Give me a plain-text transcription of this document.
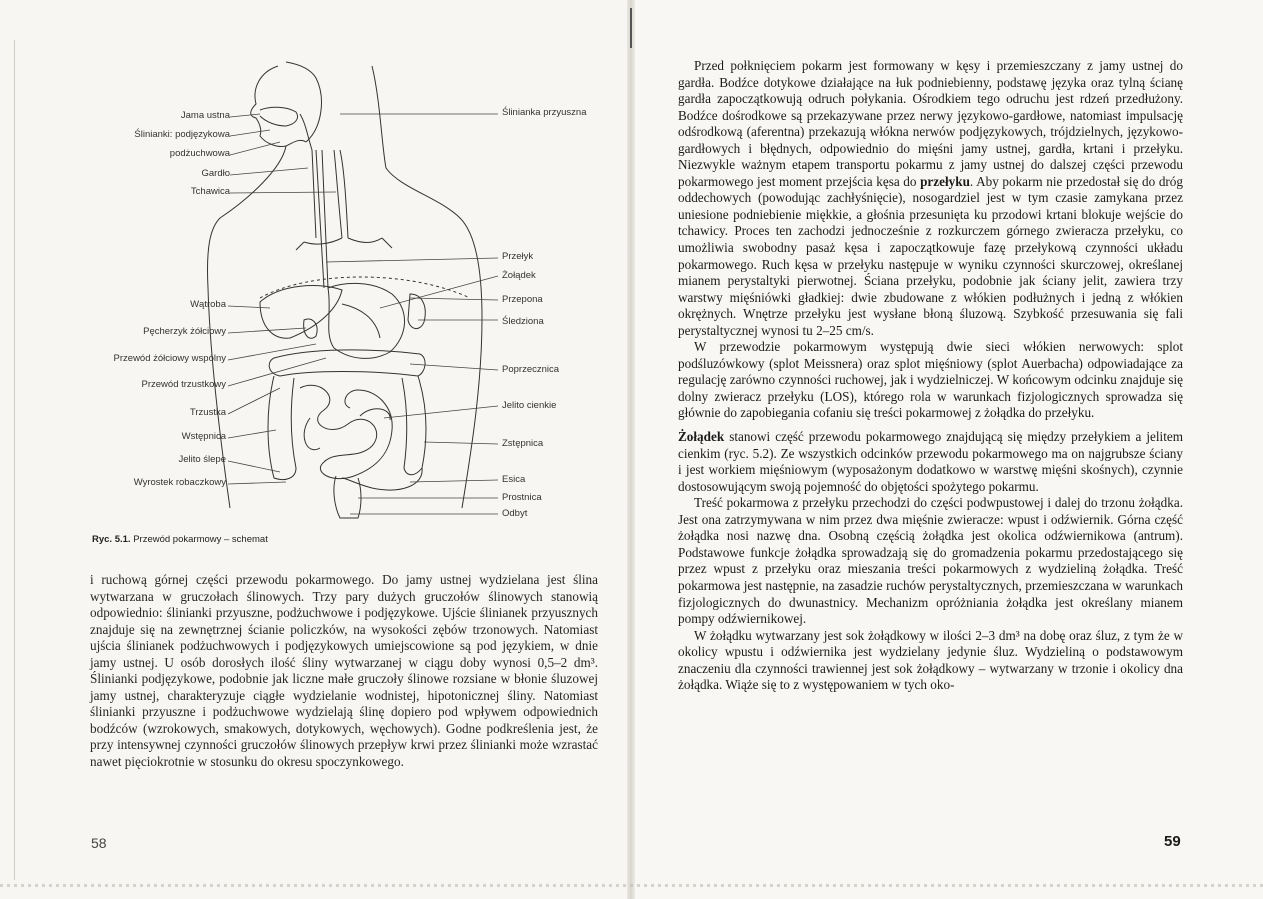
Jama ustna
Ślinianki: podjęzykowa
podżuchwowa
Gardło
Tchawica
Wątroba
Pęcherzyk żółciowy
Przewód żółciowy wspólny
Przewód trzustkowy
Trzustka
Wstępnica
Jelito ślepe
Wyrostek robaczkowy
Ślinianka przyuszna
Przełyk
Żołądek
Przepona
Śledziona
Poprzecznica
Jelito cienkie
Zstępnica
Esica
Prostnica
Odbyt
Ryc. 5.1. Przewód pokarmowy – schemat

i ruchową górnej części przewodu pokarmowego. Do jamy ustnej wydzielana jest ślina wytwarzana w gruczołach ślinowych. Trzy pary dużych gruczołów ślinowych stanowią odpowiednio: ślinianki przyuszne, podżuchwowe i podjęzykowe. Ujście ślinianek przyusznych znajduje się na zewnętrznej ścianie policzków, na wysokości zębów trzonowych. Natomiast ujścia ślinianek podżuchwowych i podjęzykowych umiejscowione są pod językiem, w dnie jamy ustnej. U osób dorosłych ilość śliny wytwarzanej w ciągu doby wynosi 0,5–2 dm³. Ślinianki podjęzykowe, podobnie jak liczne małe gruczoły ślinowe rozsiane w błonie śluzowej jamy ustnej, charakteryzuje ciągłe wydzielanie wodnistej, hipotonicznej śliny. Natomiast ślinianki przyuszne i podżuchwowe wydzielają ślinę dopiero pod wpływem odpowiednich bodźców (wzrokowych, smakowych, dotykowych, węchowych). Godne podkreślenia jest, że przy intensywnej czynności gruczołów ślinowych przepływ krwi przez ślinianki może wzrastać nawet pięciokrotnie w stosunku do okresu spoczynkowego.

58

Przed połknięciem pokarm jest formowany w kęsy i przemieszczany z jamy ustnej do gardła. Bodźce dotykowe działające na łuk podniebienny, podstawę języka oraz tylną ścianę gardła zapoczątkowują odruch połykania. Ośrodkiem tego odruchu jest rdzeń przedłużony. Bodźce dośrodkowe są przekazywane przez nerwy językowo-gardłowe, natomiast impulsację odśrodkową (aferentna) przekazują włókna nerwów podjęzykowych, trójdzielnych, językowo-gardłowych i błędnych, odpowiednio do mięśni jamy ustnej, gardła, krtani i przełyku. Niezwykle ważnym etapem transportu pokarmu z jamy ustnej do dalszej części przewodu pokarmowego jest moment przejścia kęsa do przełyku. Aby pokarm nie przedostał się do dróg oddechowych (powodując zachłyśnięcie), nosogardziel jest w tym czasie zamykana przez uniesione podniebienie miękkie, a głośnia przesunięta ku przodowi krtani blokuje wejście do tchawicy. Proces ten zachodzi jednocześnie z rozkurczem górnego zwieracza przełyku, co umożliwia swobodny pasaż kęsa i zapoczątkowuje fazę przełykową czynności układu pokarmowego. Ruch kęsa w przełyku następuje w wyniku czynności skurczowej, określanej mianem perystaltyki pierwotnej. Ściana przełyku, podobnie jak ściany jelit, zawiera trzy warstwy mięśniówki gładkiej: dwie zbudowane z włókien podłużnych i jedną z włókien okrężnych. Wnętrze przełyku jest wysłane błoną śluzową. Szybkość przesuwania się fali perystaltycznej wynosi tu 2–25 cm/s.

W przewodzie pokarmowym występują dwie sieci włókien nerwowych: splot podśluzówkowy (splot Meissnera) oraz splot mięśniowy (splot Auerbacha) odpowiadające za regulację zarówno czynności ruchowej, jak i wydzielniczej. W końcowym odcinku znajduje się dolny zwieracz przełyku (LOS), którego rola w warunkach fizjologicznych sprowadza się głównie do zapobiegania cofaniu się treści pokarmowej z żołądka do przełyku.

Żołądek stanowi część przewodu pokarmowego znajdującą się między przełykiem a jelitem cienkim (ryc. 5.2). Ze wszystkich odcinków przewodu pokarmowego ma on najgrubsze ściany i jest workiem mięśniowym (wyposażonym dodatkowo w warstwę mięśni skośnych), czynnie dostosowującym swoją pojemność do objętości spożytego pokarmu.

Treść pokarmowa z przełyku przechodzi do części podwpustowej i dalej do trzonu żołądka. Jest ona zatrzymywana w nim przez dwa mięśnie zwieracze: wpust i odźwiernik. Górna część żołądka nosi nazwę dna. Osobną częścią żołądka jest okolica odźwiernikowa (antrum). Podstawowe funkcje żołądka sprowadzają się do gromadzenia pokarmu przedostającego się przez wpust z przełyku oraz mieszania treści pokarmowych z wydzieliną żołądka. Treść pokarmowa jest następnie, na zasadzie ruchów perystaltycznych, przemieszczana w warunkach fizjologicznych do dwunastnicy. Mechanizm opróżniania żołądka jest określany mianem pompy odźwiernikowej.

W żołądku wytwarzany jest sok żołądkowy w ilości 2–3 dm³ na dobę oraz śluz, z tym że w okolicy wpustu i odźwiernika jest wydzielany jedynie śluz. Wydzieliną o podstawowym znaczeniu dla czynności trawiennej jest sok żołądkowy – wytwarzany w trzonie i okolicy dna żołądka. Wiąże się to z występowaniem w tych oko-

59
